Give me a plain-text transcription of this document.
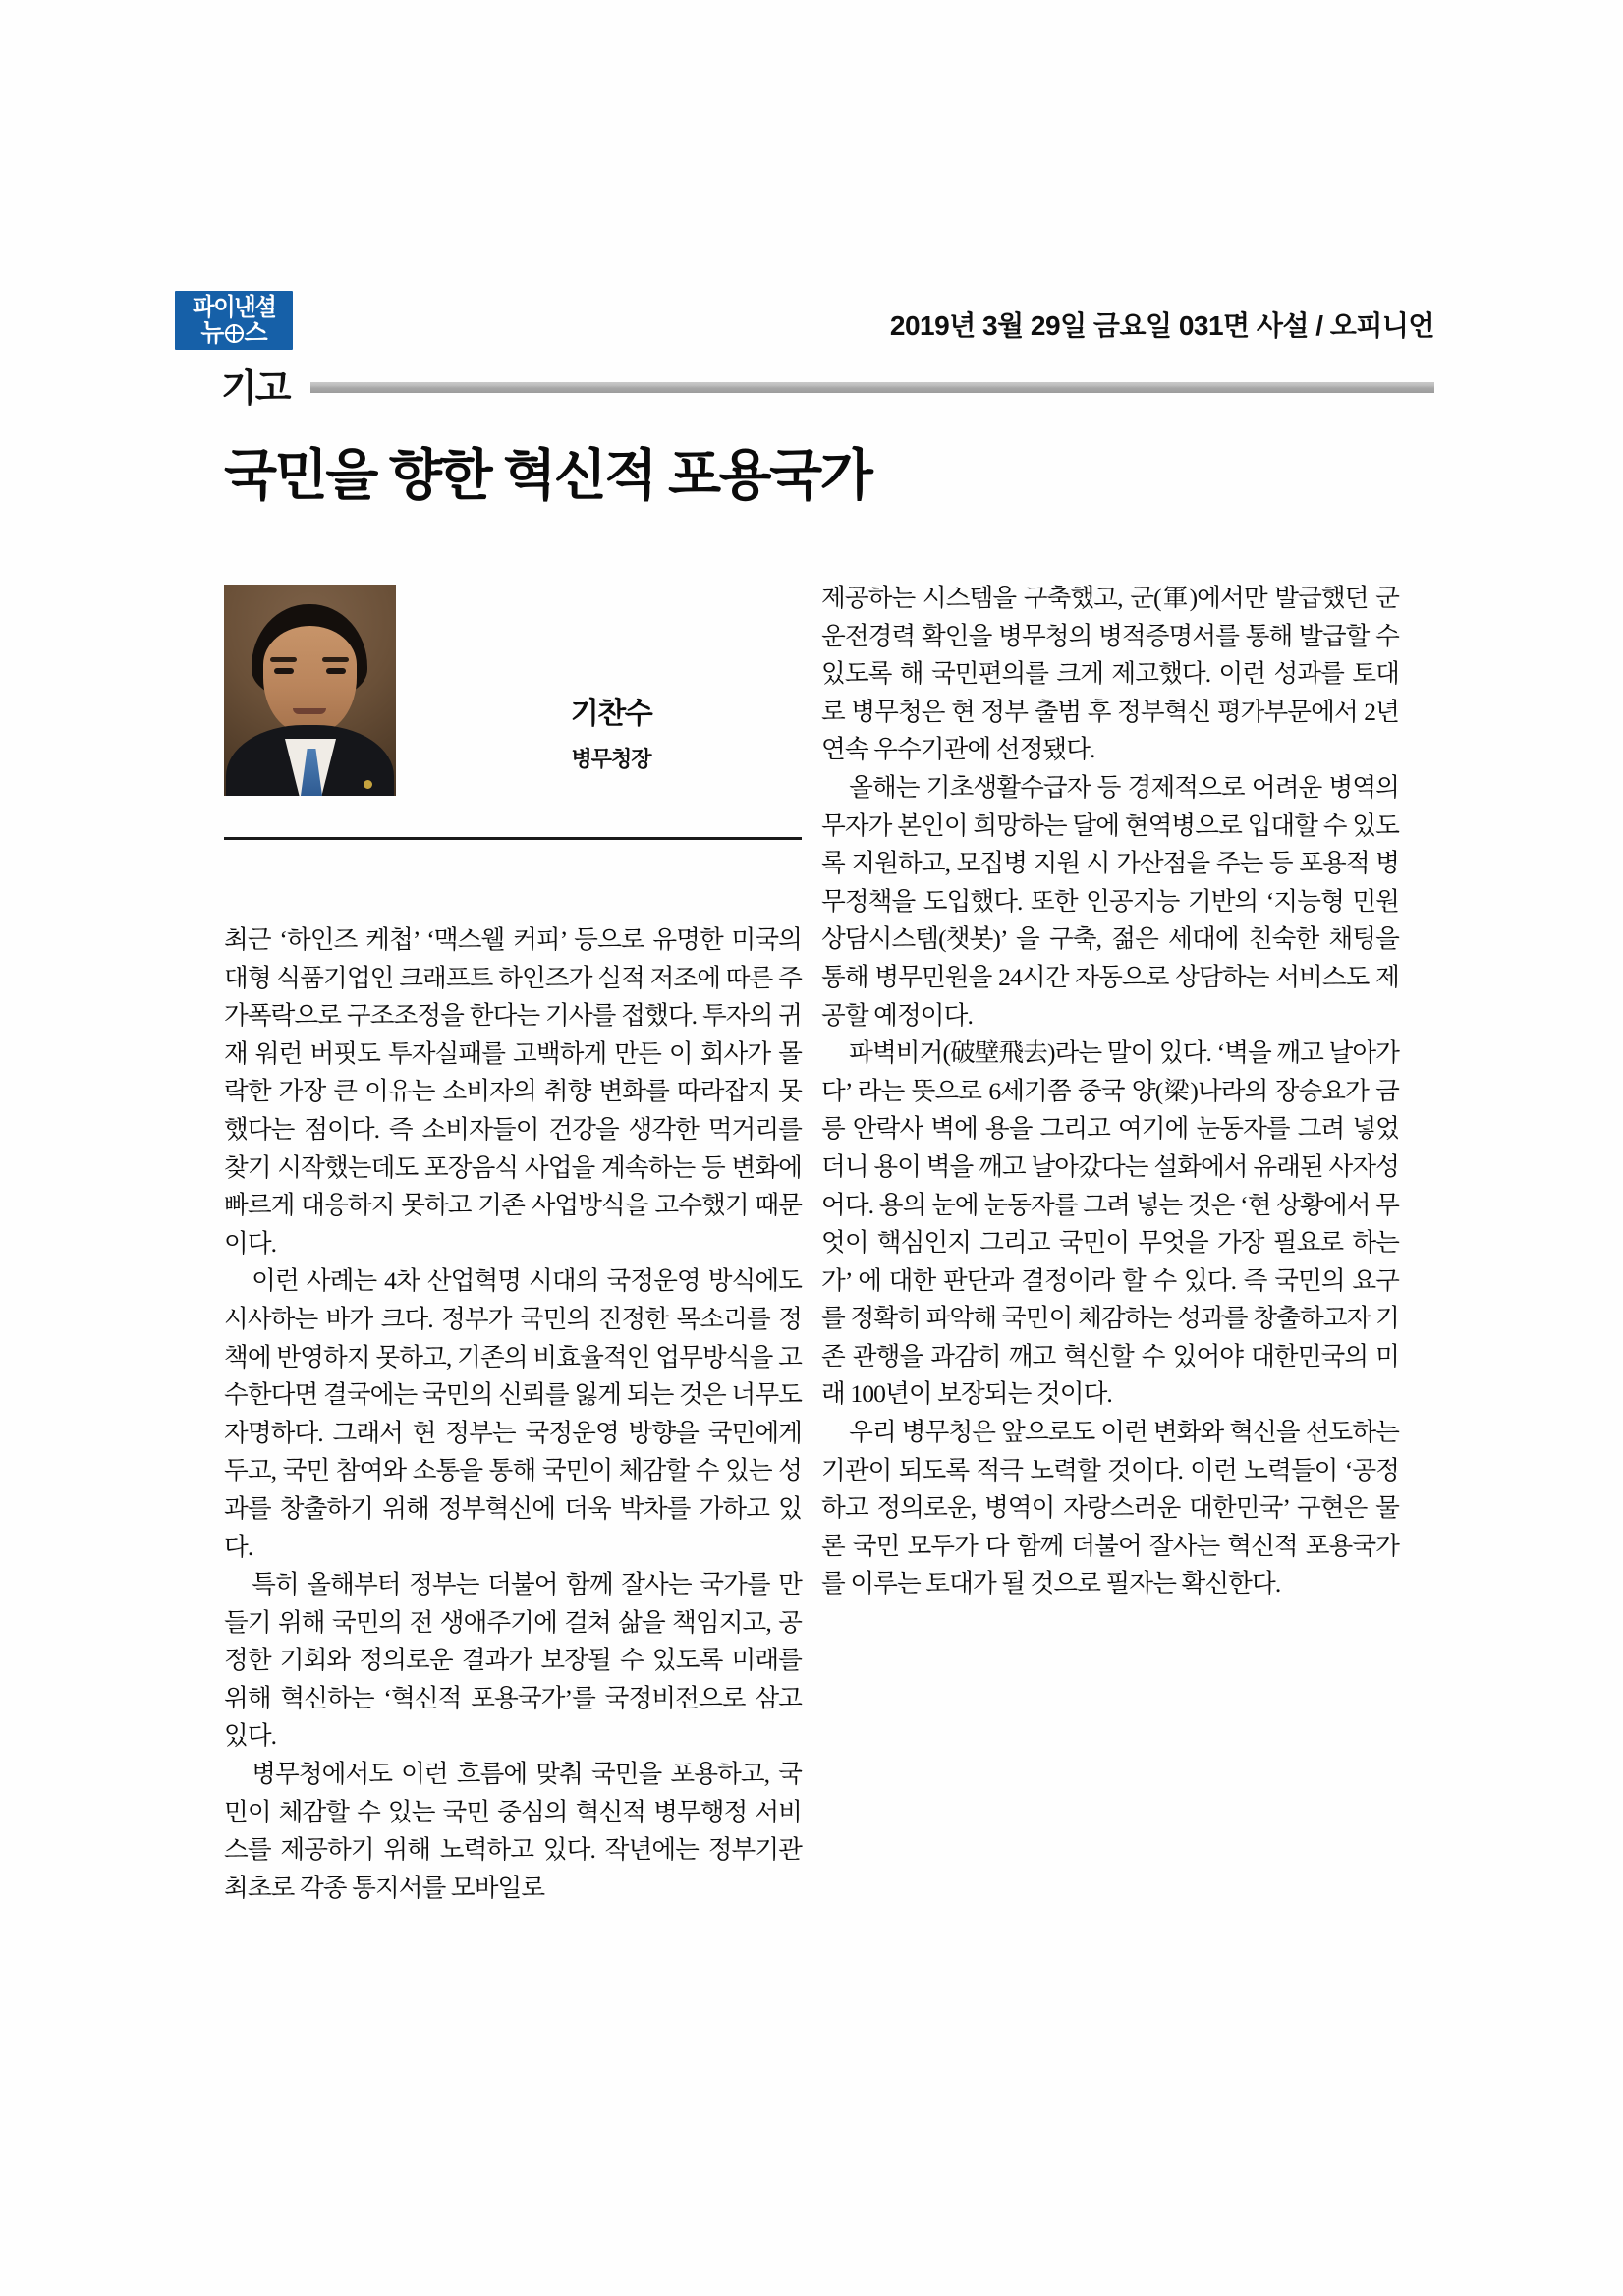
파이낸셜
뉴 스	2019년 3월 29일 금요일 031면 사설 / 오피니언
기고
국민을 향한 혁신적 포용국가
기찬수
병무청장

최근 ‘하인즈 케첩’ ‘맥스웰 커피’ 등으로 유명한 미국의 대형 식품기업인 크래프트 하인즈가 실적 저조에 따른 주가폭락으로 구조조정을 한다는 기사를 접했다. 투자의 귀재 워런 버핏도 투자실패를 고백하게 만든 이 회사가 몰락한 가장 큰 이유는 소비자의 취향 변화를 따라잡지 못했다는 점이다. 즉 소비자들이 건강을 생각한 먹거리를 찾기 시작했는데도 포장음식 사업을 계속하는 등 변화에 빠르게 대응하지 못하고 기존 사업방식을 고수했기 때문이다.

이런 사례는 4차 산업혁명 시대의 국정운영 방식에도 시사하는 바가 크다. 정부가 국민의 진정한 목소리를 정책에 반영하지 못하고, 기존의 비효율적인 업무방식을 고수한다면 결국에는 국민의 신뢰를 잃게 되는 것은 너무도 자명하다. 그래서 현 정부는 국정운영 방향을 국민에게 두고, 국민 참여와 소통을 통해 국민이 체감할 수 있는 성과를 창출하기 위해 정부혁신에 더욱 박차를 가하고 있다.

특히 올해부터 정부는 더불어 함께 잘사는 국가를 만들기 위해 국민의 전 생애주기에 걸쳐 삶을 책임지고, 공정한 기회와 정의로운 결과가 보장될 수 있도록 미래를 위해 혁신하는 ‘혁신적 포용국가’를 국정비전으로 삼고 있다.

병무청에서도 이런 흐름에 맞춰 국민을 포용하고, 국민이 체감할 수 있는 국민 중심의 혁신적 병무행정 서비스를 제공하기 위해 노력하고 있다. 작년에는 정부기관 최초로 각종 통지서를 모바일로

제공하는 시스템을 구축했고, 군(軍)에서만 발급했던 군 운전경력 확인을 병무청의 병적증명서를 통해 발급할 수 있도록 해 국민편의를 크게 제고했다. 이런 성과를 토대로 병무청은 현 정부 출범 후 정부혁신 평가부문에서 2년 연속 우수기관에 선정됐다.

올해는 기초생활수급자 등 경제적으로 어려운 병역의무자가 본인이 희망하는 달에 현역병으로 입대할 수 있도록 지원하고, 모집병 지원 시 가산점을 주는 등 포용적 병무정책을 도입했다. 또한 인공지능 기반의 ‘지능형 민원 상담시스템(챗봇)’ 을 구축, 젊은 세대에 친숙한 채팅을 통해 병무민원을 24시간 자동으로 상담하는 서비스도 제공할 예정이다.

파벽비거(破壁飛去)라는 말이 있다. ‘벽을 깨고 날아가다’ 라는 뜻으로 6세기쯤 중국 양(梁)나라의 장승요가 금릉 안락사 벽에 용을 그리고 여기에 눈동자를 그려 넣었더니 용이 벽을 깨고 날아갔다는 설화에서 유래된 사자성어다. 용의 눈에 눈동자를 그려 넣는 것은 ‘현 상황에서 무엇이 핵심인지 그리고 국민이 무엇을 가장 필요로 하는가’ 에 대한 판단과 결정이라 할 수 있다. 즉 국민의 요구를 정확히 파악해 국민이 체감하는 성과를 창출하고자 기존 관행을 과감히 깨고 혁신할 수 있어야 대한민국의 미래 100년이 보장되는 것이다.

우리 병무청은 앞으로도 이런 변화와 혁신을 선도하는 기관이 되도록 적극 노력할 것이다. 이런 노력들이 ‘공정하고 정의로운, 병역이 자랑스러운 대한민국’ 구현은 물론 국민 모두가 다 함께 더불어 잘사는 혁신적 포용국가를 이루는 토대가 될 것으로 필자는 확신한다.
